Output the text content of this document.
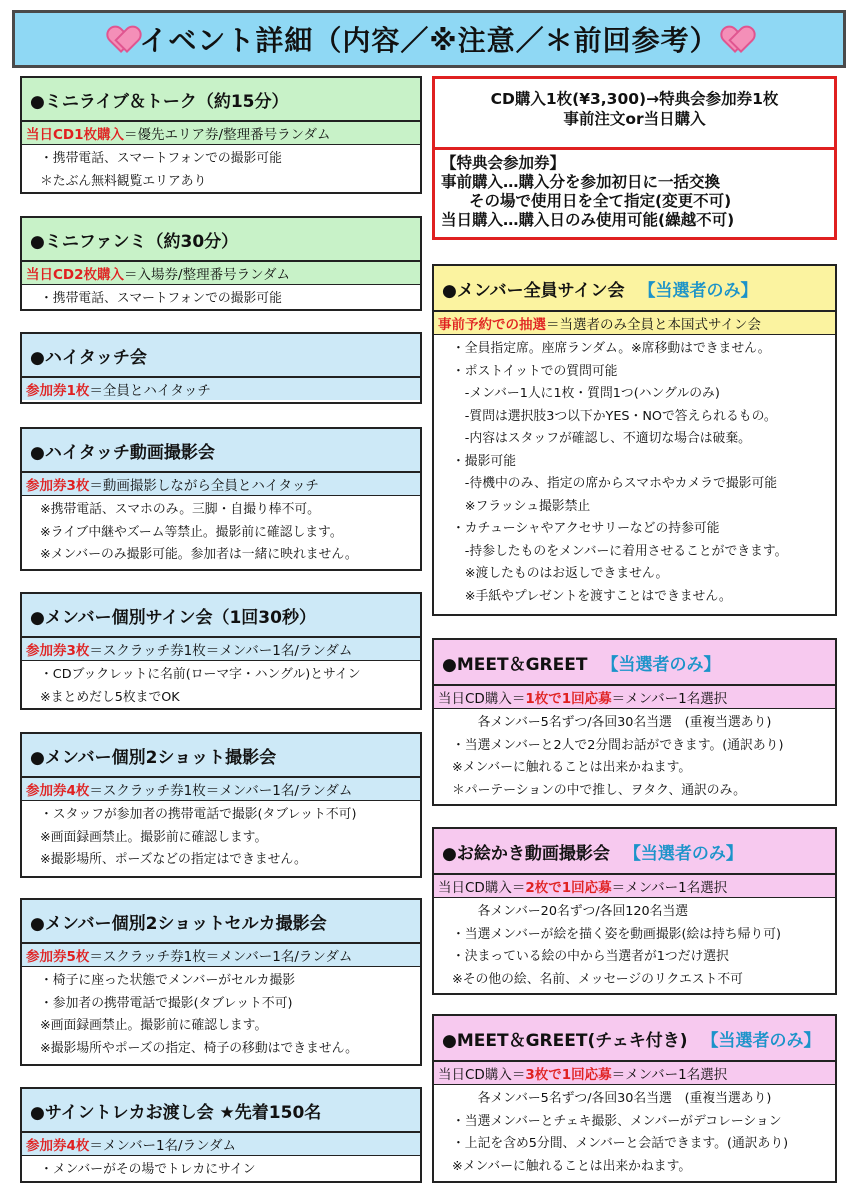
イベント詳細（内容／※注意／＊前回参考）
●ミニライブ＆トーク（約15分）
当日CD1枚購入＝優先エリア券/整理番号ランダム
・携帯電話、スマートフォンでの撮影可能
＊たぶん無料観覧エリアあり
●ミニファンミ（約30分）
当日CD2枚購入＝入場券/整理番号ランダム
・携帯電話、スマートフォンでの撮影可能
●ハイタッチ会
参加券1枚＝全員とハイタッチ
●ハイタッチ動画撮影会
参加券3枚＝動画撮影しながら全員とハイタッチ
※携帯電話、スマホのみ。三脚・自撮り棒不可。
※ライブ中継やズーム等禁止。撮影前に確認します。
※メンバーのみ撮影可能。参加者は一緒に映れません。
●メンバー個別サイン会（1回30秒）
参加券3枚＝スクラッチ券1枚＝メンバー1名/ランダム
・CDブックレットに名前(ローマ字・ハングル)とサイン
※まとめだし5枚までOK
●メンバー個別2ショット撮影会
参加券4枚＝スクラッチ券1枚＝メンバー1名/ランダム
・スタッフが参加者の携帯電話で撮影(タブレット不可)
※画面録画禁止。撮影前に確認します。
※撮影場所、ポーズなどの指定はできません。
●メンバー個別2ショットセルカ撮影会
参加券5枚＝スクラッチ券1枚＝メンバー1名/ランダム
・椅子に座った状態でメンバーがセルカ撮影
・参加者の携帯電話で撮影(タブレット不可)
※画面録画禁止。撮影前に確認します。
※撮影場所やポーズの指定、椅子の移動はできません。
●サイントレカお渡し会 ★先着150名
参加券4枚＝メンバー1名/ランダム
・メンバーがその場でトレカにサイン
CD購入1枚(¥3,300)→特典会参加券1枚
事前注文or当日購入
【特典会参加券】
事前購入…購入分を参加初日に一括交換
その場で使用日を全て指定(変更不可)
当日購入…購入日のみ使用可能(繰越不可)
●メンバー全員サイン会 【当選者のみ】
事前予約での抽選＝当選者のみ全員と本国式サイン会
・全員指定席。座席ランダム。※席移動はできません。
・ポストイットでの質問可能
　-メンバー1人に1枚・質問1つ(ハングルのみ)
　-質問は選択肢3つ以下かYES・NOで答えられるもの。
　-内容はスタッフが確認し、不適切な場合は破棄。
・撮影可能
　-待機中のみ、指定の席からスマホやカメラで撮影可能
　※フラッシュ撮影禁止
・カチューシャやアクセサリーなどの持参可能
　-持参したものをメンバーに着用させることができます。
　※渡したものはお返しできません。
　※手紙やプレゼントを渡すことはできません。
●MEET＆GREET 【当選者のみ】
当日CD購入＝1枚で1回応募＝メンバー1名選択
　　各メンバー5名ずつ/各回30名当選　(重複当選あり)
・当選メンバーと2人で2分間お話ができます。(通訳あり)
※メンバーに触れることは出来かねます。
＊パーテーションの中で推し、ヲタク、通訳のみ。
●お絵かき動画撮影会 【当選者のみ】
当日CD購入＝2枚で1回応募＝メンバー1名選択
　　各メンバー20名ずつ/各回120名当選
・当選メンバーが絵を描く姿を動画撮影(絵は持ち帰り可)
・決まっている絵の中から当選者が1つだけ選択
※その他の絵、名前、メッセージのリクエスト不可
●MEET＆GREET(チェキ付き) 【当選者のみ】
当日CD購入＝3枚で1回応募＝メンバー1名選択
　　各メンバー5名ずつ/各回30名当選　(重複当選あり)
・当選メンバーとチェキ撮影、メンバーがデコレーション
・上記を含め5分間、メンバーと会話できます。(通訳あり)
※メンバーに触れることは出来かねます。
